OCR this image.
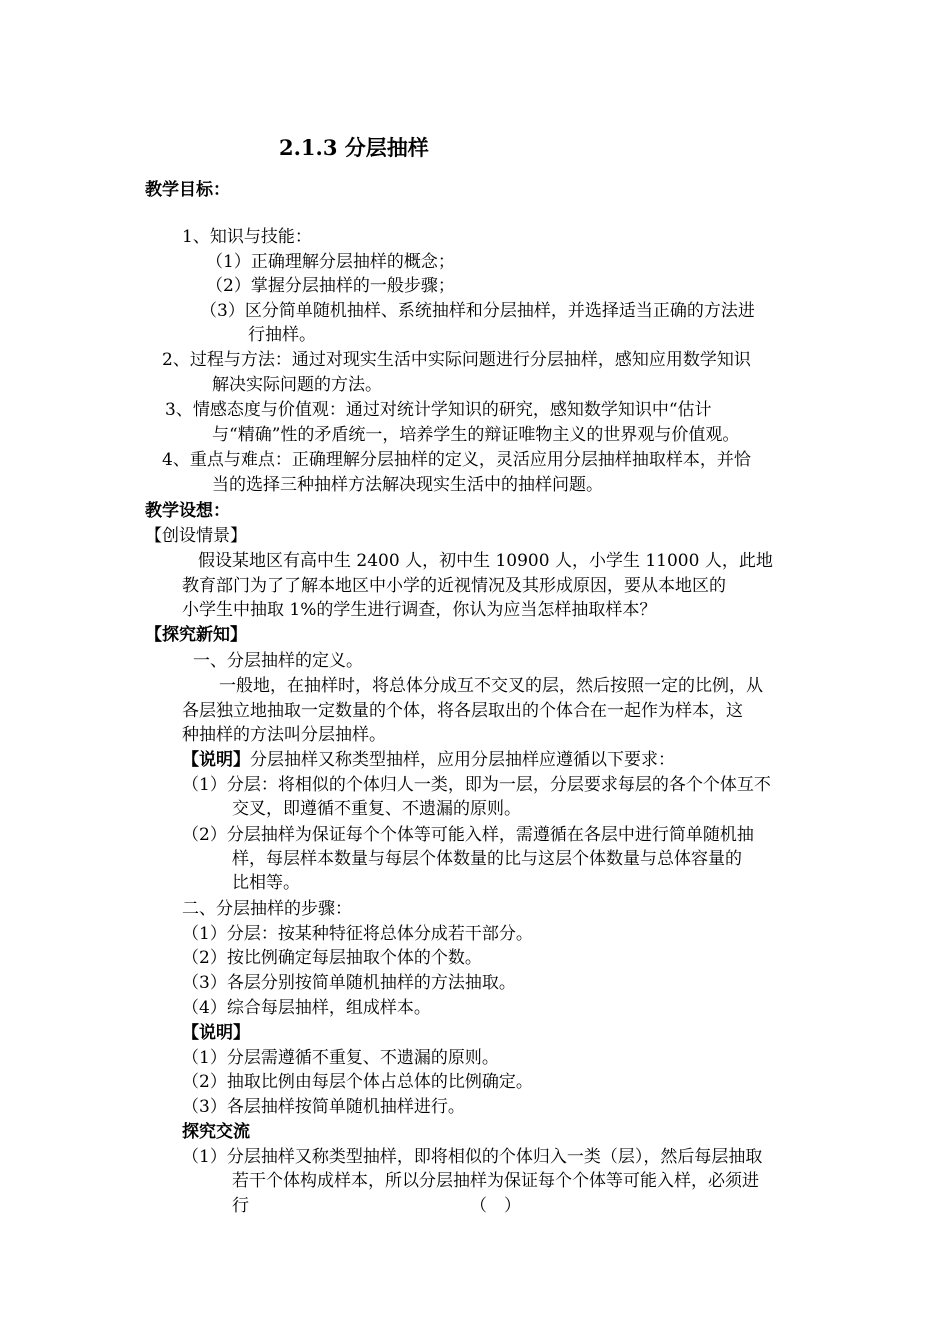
2.1.3 分层抽样
教学目标：
1、知识与技能：
（1）正确理解分层抽样的概念；
（2）掌握分层抽样的一般步骤；
（3）区分简单随机抽样、系统抽样和分层抽样，并选择适当正确的方法进
行抽样。
2、过程与方法：通过对现实生活中实际问题进行分层抽样，感知应用数学知识
解决实际问题的方法。
3、情感态度与价值观：通过对统计学知识的研究，感知数学知识中“估计
与“精确”性的矛盾统一，培养学生的辩证唯物主义的世界观与价值观。
4、重点与难点：正确理解分层抽样的定义，灵活应用分层抽样抽取样本，并恰
当的选择三种抽样方法解决现实生活中的抽样问题。
教学设想：
【创设情景】
假设某地区有高中生 2400 人，初中生 10900 人，小学生 11000 人，此地
教育部门为了了解本地区中小学的近视情况及其形成原因，要从本地区的
小学生中抽取 1%的学生进行调查，你认为应当怎样抽取样本？
【探究新知】
一、分层抽样的定义。
一般地，在抽样时，将总体分成互不交叉的层，然后按照一定的比例，从
各层独立地抽取一定数量的个体，将各层取出的个体合在一起作为样本，这
种抽样的方法叫分层抽样。
【说明】分层抽样又称类型抽样，应用分层抽样应遵循以下要求：
（1）分层：将相似的个体归人一类，即为一层，分层要求每层的各个个体互不
交叉，即遵循不重复、不遗漏的原则。
（2）分层抽样为保证每个个体等可能入样，需遵循在各层中进行简单随机抽
样，每层样本数量与每层个体数量的比与这层个体数量与总体容量的
比相等。
二、分层抽样的步骤：
（1）分层：按某种特征将总体分成若干部分。
（2）按比例确定每层抽取个体的个数。
（3）各层分别按简单随机抽样的方法抽取。
（4）综合每层抽样，组成样本。
【说明】
（1）分层需遵循不重复、不遗漏的原则。
（2）抽取比例由每层个体占总体的比例确定。
（3）各层抽样按简单随机抽样进行。
探究交流
（1）分层抽样又称类型抽样，即将相似的个体归入一类（层），然后每层抽取
若干个体构成样本，所以分层抽样为保证每个个体等可能入样，必须进
行	（　）
